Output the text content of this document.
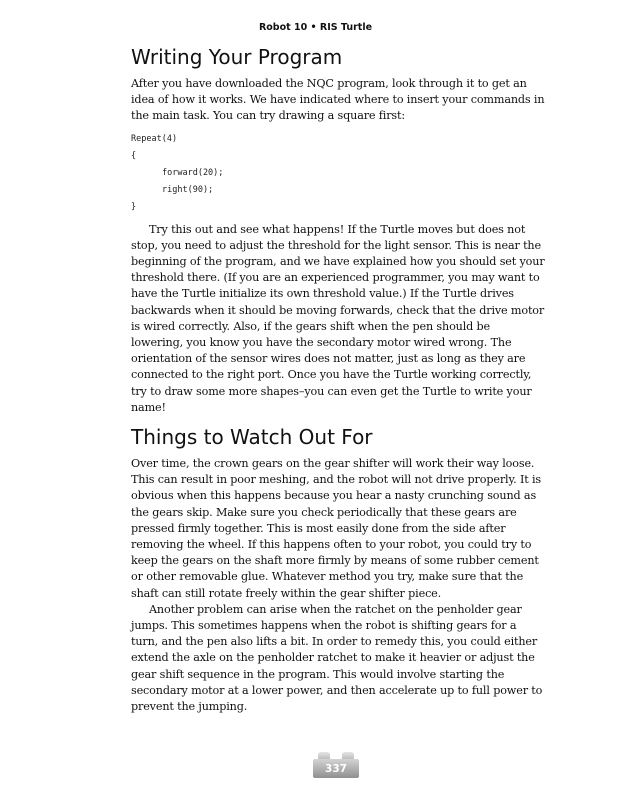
Robot 10 • RIS Turtle
Writing Your Program

After you have downloaded the NQC program, look through it to get an idea of how it works. We have indicated where to insert your commands in the main task. You can try drawing a square first:

Repeat(4)
{
forward(20);
right(90);
}

Try this out and see what happens! If the Turtle moves but does not stop, you need to adjust the threshold for the light sensor. This is near the beginning of the program, and we have explained how you should set your threshold there. (If you are an experienced programmer, you may want to have the Turtle initialize its own threshold value.) If the Turtle drives backwards when it should be moving forwards, check that the drive motor is wired correctly. Also, if the gears shift when the pen should be lowering, you know you have the secondary motor wired wrong. The orientation of the sensor wires does not matter, just as long as they are connected to the right port. Once you have the Turtle working correctly, try to draw some more shapes–you can even get the Turtle to write your name!

Things to Watch Out For

Over time, the crown gears on the gear shifter will work their way loose. This can result in poor meshing, and the robot will not drive properly. It is obvious when this happens because you hear a nasty crunching sound as the gears skip. Make sure you check periodically that these gears are pressed firmly together. This is most easily done from the side after removing the wheel. If this happens often to your robot, you could try to keep the gears on the shaft more firmly by means of some rubber cement or other removable glue. Whatever method you try, make sure that the shaft can still rotate freely within the gear shifter piece.

Another problem can arise when the ratchet on the penholder gear jumps. This sometimes happens when the robot is shifting gears for a turn, and the pen also lifts a bit. In order to remedy this, you could either extend the axle on the penholder ratchet to make it heavier or adjust the gear shift sequence in the program. This would involve starting the secondary motor at a lower power, and then accelerate up to full power to prevent the jumping.

337
